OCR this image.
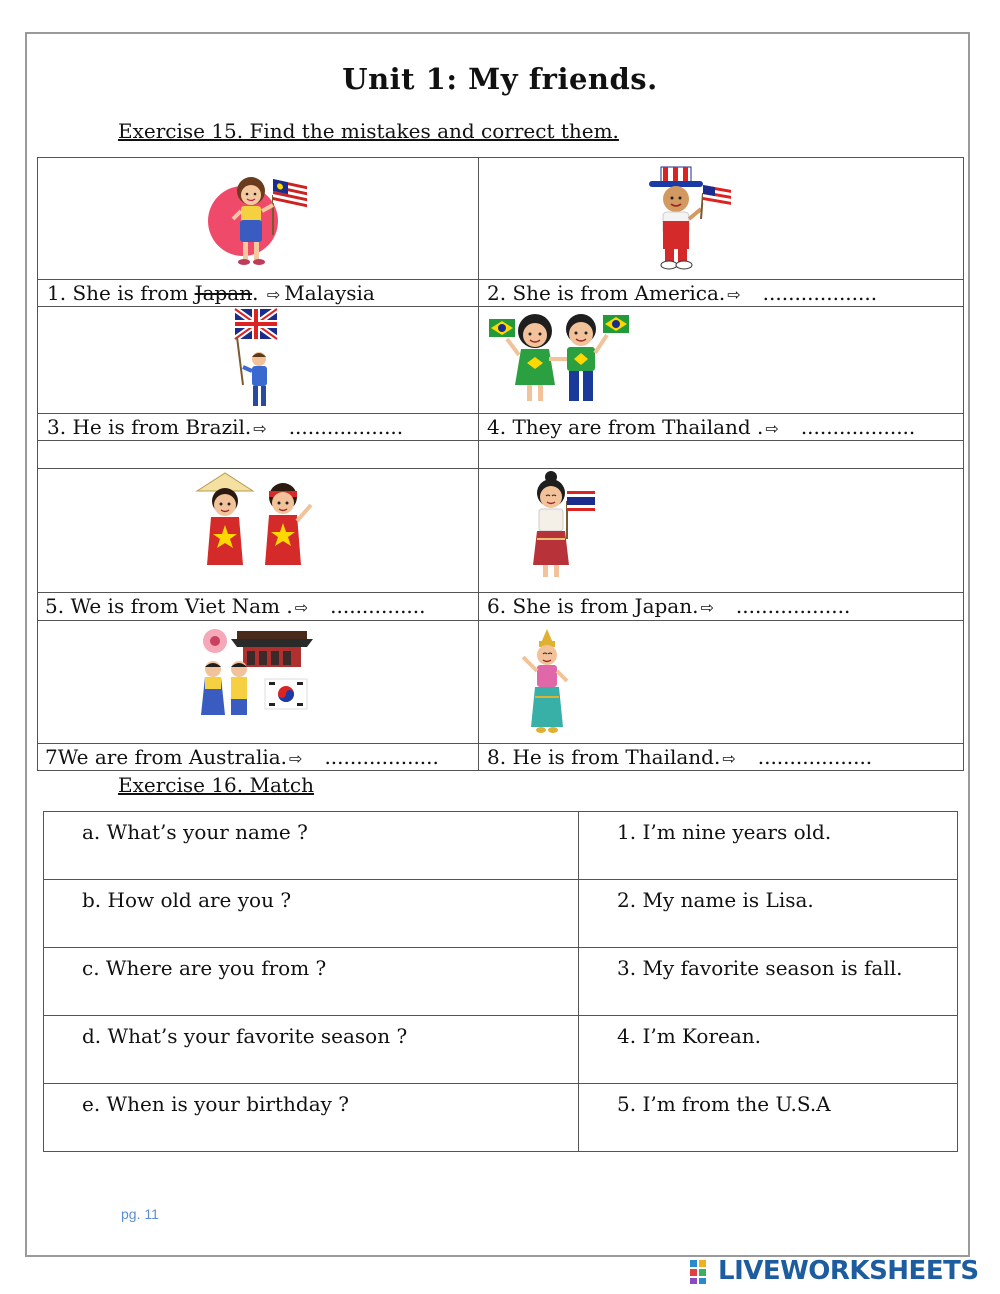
Unit 1: My friends.
Exercise 15. Find the mistakes and correct them.
1. She is from Japan. ⇨ Malaysia	2. She is from America. ⇨ ..................
3. He is from Brazil. ⇨ ..................	4. They are from Thailand . ⇨ ..................
5. We is from Viet Nam . ⇨ ...............	6. She is from Japan. ⇨ ..................
7We are from Australia. ⇨ .................. 8. He is from Thailand. ⇨ ..................
Exercise 16. Match
a. What’s your name ?	1. I’m nine years old.
b. How old are you ?	2. My name is Lisa.
c. Where are you from ?	3. My favorite season is fall.
d. What’s your favorite season ?	4. I’m Korean.
e. When is your birthday ?	5. I’m from the U.S.A
pg. 11
LIVEWORKSHEETS
